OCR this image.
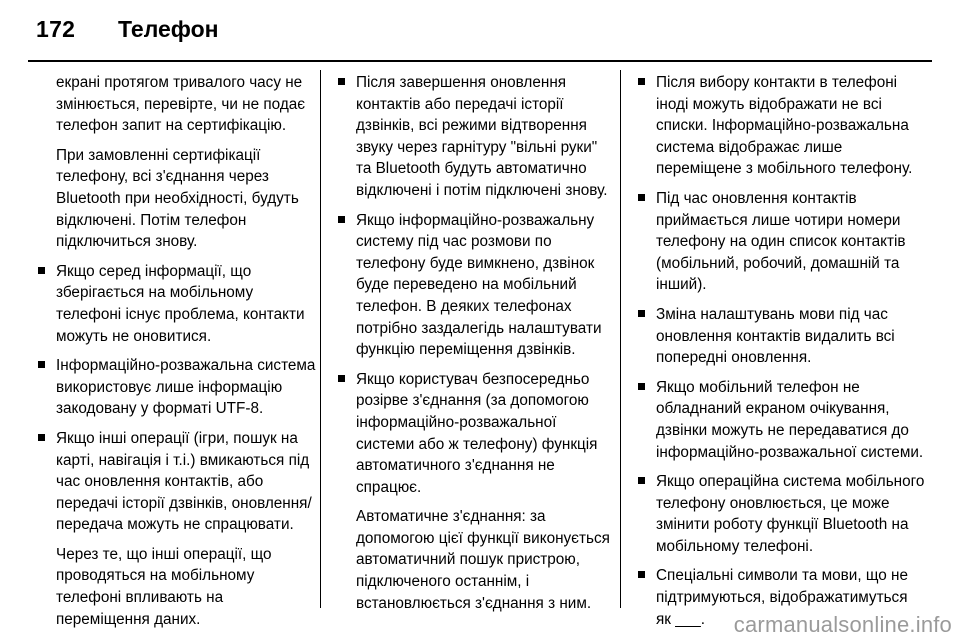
172 Телефон
екрані протягом тривалого часу не змінюється, перевірте, чи не подає телефон запит на сертифікацію.
При замовленні сертифікації телефону, всі з'єднання через Bluetooth при необхідності, будуть відключені. Потім телефон підключиться знову.
Якщо серед інформації, що зберігається на мобільному телефоні існує проблема, контакти можуть не оновитися.
Інформаційно-розважальна система використовує лише інформацію закодовану у форматі UTF-8.
Якщо інші операції (ігри, пошук на карті, навігація і т.і.) вмикаються під час оновлення контактів, або передачі історії дзвінків, оновлення/передача можуть не спрацювати.
Через те, що інші операції, що проводяться на мобільному телефоні впливають на переміщення даних.
Після завершення оновлення контактів або передачі історії дзвінків, всі режими відтворення звуку через гарнітуру "вільні руки" та Bluetooth будуть автоматично відключені і потім підключені знову.
Якщо інформаційно-розважальну систему під час розмови по телефону буде вимкнено, дзвінок буде переведено на мобільний телефон. В деяких телефонах потрібно заздалегідь налаштувати функцію переміщення дзвінків.
Якщо користувач безпосередньо розірве з'єднання (за допомогою інформаційно-розважальної системи або ж телефону) функція автоматичного з'єднання не спрацює.
Автоматичне з'єднання: за допомогою цієї функції виконується автоматичний пошук пристрою, підключеного останнім, і встановлюється з'єднання з ним.
Після вибору контакти в телефоні іноді можуть відображати не всі списки. Інформаційно-розважальна система відображає лише переміщене з мобільного телефону.
Під час оновлення контактів приймається лише чотири номери телефону на один список контактів (мобільний, робочий, домашній та інший).
Зміна налаштувань мови під час оновлення контактів видалить всі попередні оновлення.
Якщо мобільний телефон не обладнаний екраном очікування, дзвінки можуть не передаватися до інформаційно-розважальної системи.
Якщо операційна система мобільного телефону оновлюється, це може змінити роботу функції Bluetooth на мобільному телефоні.
Спеціальні символи та мови, що не підтримуються, відображатимуться як ___.	carmanualsonline.info
